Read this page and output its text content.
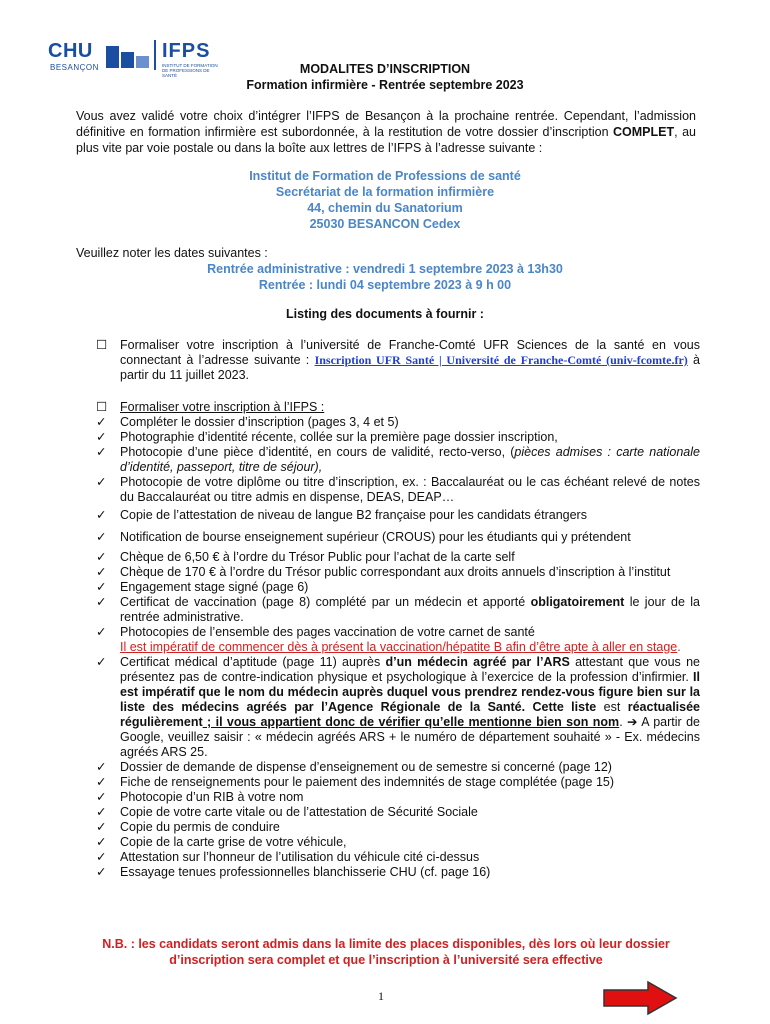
CHU
BESANÇON
IFPS
INSTITUT DE FORMATION DE PROFESSIONS DE SANTÉ	MODALITES D’INSCRIPTION
Formation infirmière - Rentrée septembre 2023
Vous avez validé votre choix d’intégrer l’IFPS de Besançon à la prochaine rentrée. Cependant, l’admission définitive en formation infirmière est subordonnée, à la restitution de votre dossier d’inscription COMPLET, au plus vite par voie postale ou dans la boîte aux lettres de l’IFPS à l’adresse suivante :
Institut de Formation de Professions de santé
Secrétariat de la formation infirmière
44, chemin du Sanatorium
25030 BESANCON Cedex
Veuillez noter les dates suivantes :
Rentrée administrative : vendredi 1 septembre 2023 à 13h30
Rentrée : lundi 04 septembre 2023 à 9 h 00
Listing des documents à fournir :
☐	Formaliser votre inscription à l’université de Franche-Comté UFR Sciences de la santé en vous connectant à l’adresse suivante : Inscription UFR Santé | Université de Franche-Comté (univ-fcomte.fr) à partir du 11 juillet 2023.
☐	Formaliser votre inscription à l’IFPS :
✓	Compléter le dossier d’inscription (pages 3, 4 et 5)
✓	Photographie d’identité récente, collée sur la première page dossier inscription,
✓	Photocopie d’une pièce d’identité, en cours de validité, recto-verso, (pièces admises : carte nationale d’identité, passeport, titre de séjour),
✓	Photocopie de votre diplôme ou titre d’inscription, ex. : Baccalauréat ou le cas échéant relevé de notes du Baccalauréat ou titre admis en dispense, DEAS, DEAP…
✓	Copie de l’attestation de niveau de langue B2 française pour les candidats étrangers
✓	Notification de bourse enseignement supérieur (CROUS) pour les étudiants qui y prétendent
✓	Chèque de 6,50 € à l’ordre du Trésor Public pour l’achat de la carte self
✓	Chèque de 170 € à l’ordre du Trésor public correspondant aux droits annuels d’inscription à l’institut
✓	Engagement stage signé (page 6)
✓	Certificat de vaccination (page 8) complété par un médecin et apporté obligatoirement le jour de la rentrée administrative.
✓	Photocopies de l’ensemble des pages vaccination de votre carnet de santé
Il est impératif de commencer dès à présent la vaccination/hépatite B afin d’être apte à aller en stage.
✓	Certificat médical d’aptitude (page 11) auprès d’un médecin agréé par l’ARS attestant que vous ne présentez pas de contre-indication physique et psychologique à l’exercice de la profession d’infirmier. Il est impératif que le nom du médecin auprès duquel vous prendrez rendez-vous figure bien sur la liste des médecins agréés par l’Agence Régionale de la Santé. Cette liste est réactualisée régulièrement ; il vous appartient donc de vérifier qu’elle mentionne bien son nom. ➔ A partir de Google, veuillez saisir : « médecin agréés ARS + le numéro de département souhaité » - Ex. médecins agréés ARS 25.
✓	Dossier de demande de dispense d’enseignement ou de semestre si concerné (page 12)
✓	Fiche de renseignements pour le paiement des indemnités de stage complétée (page 15)
✓	Photocopie d’un RIB à votre nom
✓	Copie de votre carte vitale ou de l’attestation de Sécurité Sociale
✓	Copie du permis de conduire
✓	Copie de la carte grise de votre véhicule,
✓	Attestation sur l’honneur de l’utilisation du véhicule cité ci-dessus
✓	Essayage tenues professionnelles blanchisserie CHU (cf. page 16)
N.B. : les candidats seront admis dans la limite des places disponibles, dès lors où leur dossier d’inscription sera complet et que l’inscription à l’université sera effective
1
